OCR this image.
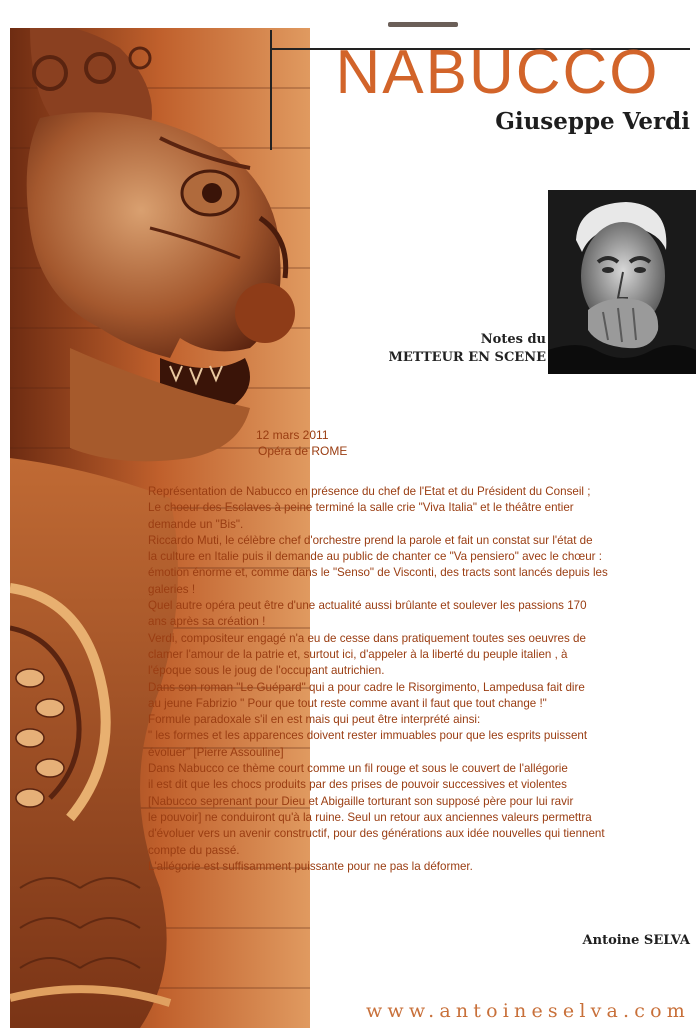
NABUCCO
Giuseppe Verdi
Notes du
METTEUR EN SCENE
12 mars 2011
Opéra de ROME

Représentation de Nabucco en présence du chef de l'Etat et du Président du Conseil ;

Le choeur des Esclaves à peine terminé la salle crie "Viva Italia" et le théâtre entier

demande un "Bis".

Riccardo Muti, le célèbre chef d'orchestre prend la parole et fait un constat sur l'état de

la culture en Italie puis il demande au public de chanter ce "Va pensiero" avec le chœur :

émotion énorme et, comme dans le "Senso" de Visconti, des tracts sont lancés depuis les

galeries !

Quel autre opéra peut être d'une actualité aussi brûlante et soulever les passions 170

ans après sa création !

Verdi, compositeur engagé n'a eu de cesse dans pratiquement toutes ses oeuvres de

clamer l'amour de la patrie et, surtout ici, d'appeler à la liberté du peuple italien , à

l'époque sous le joug de l'occupant autrichien.

Dans son roman "Le Guépard" qui a pour cadre le Risorgimento, Lampedusa fait dire

au jeune Fabrizio " Pour que tout reste comme avant il faut que tout change !"

Formule paradoxale s'il en est mais qui peut être interprété ainsi:

" les formes et les apparences doivent rester immuables pour que les esprits puissent

évoluer" [Pierre Assouline]

Dans Nabucco ce thème court comme un fil rouge et sous le couvert de l'allégorie

il est dit que les chocs produits par des prises de pouvoir successives et violentes

[Nabucco seprenant pour Dieu et Abigaille torturant son supposé père pour lui ravir

le pouvoir] ne conduiront qu'à la ruine. Seul un retour aux anciennes valeurs permettra

d'évoluer vers un avenir constructif, pour des générations aux idée nouvelles qui tiennent

compte du passé.

L'allégorie est suffisamment puissante pour ne pas la déformer.

Antoine SELVA
www.antoineselva.com
